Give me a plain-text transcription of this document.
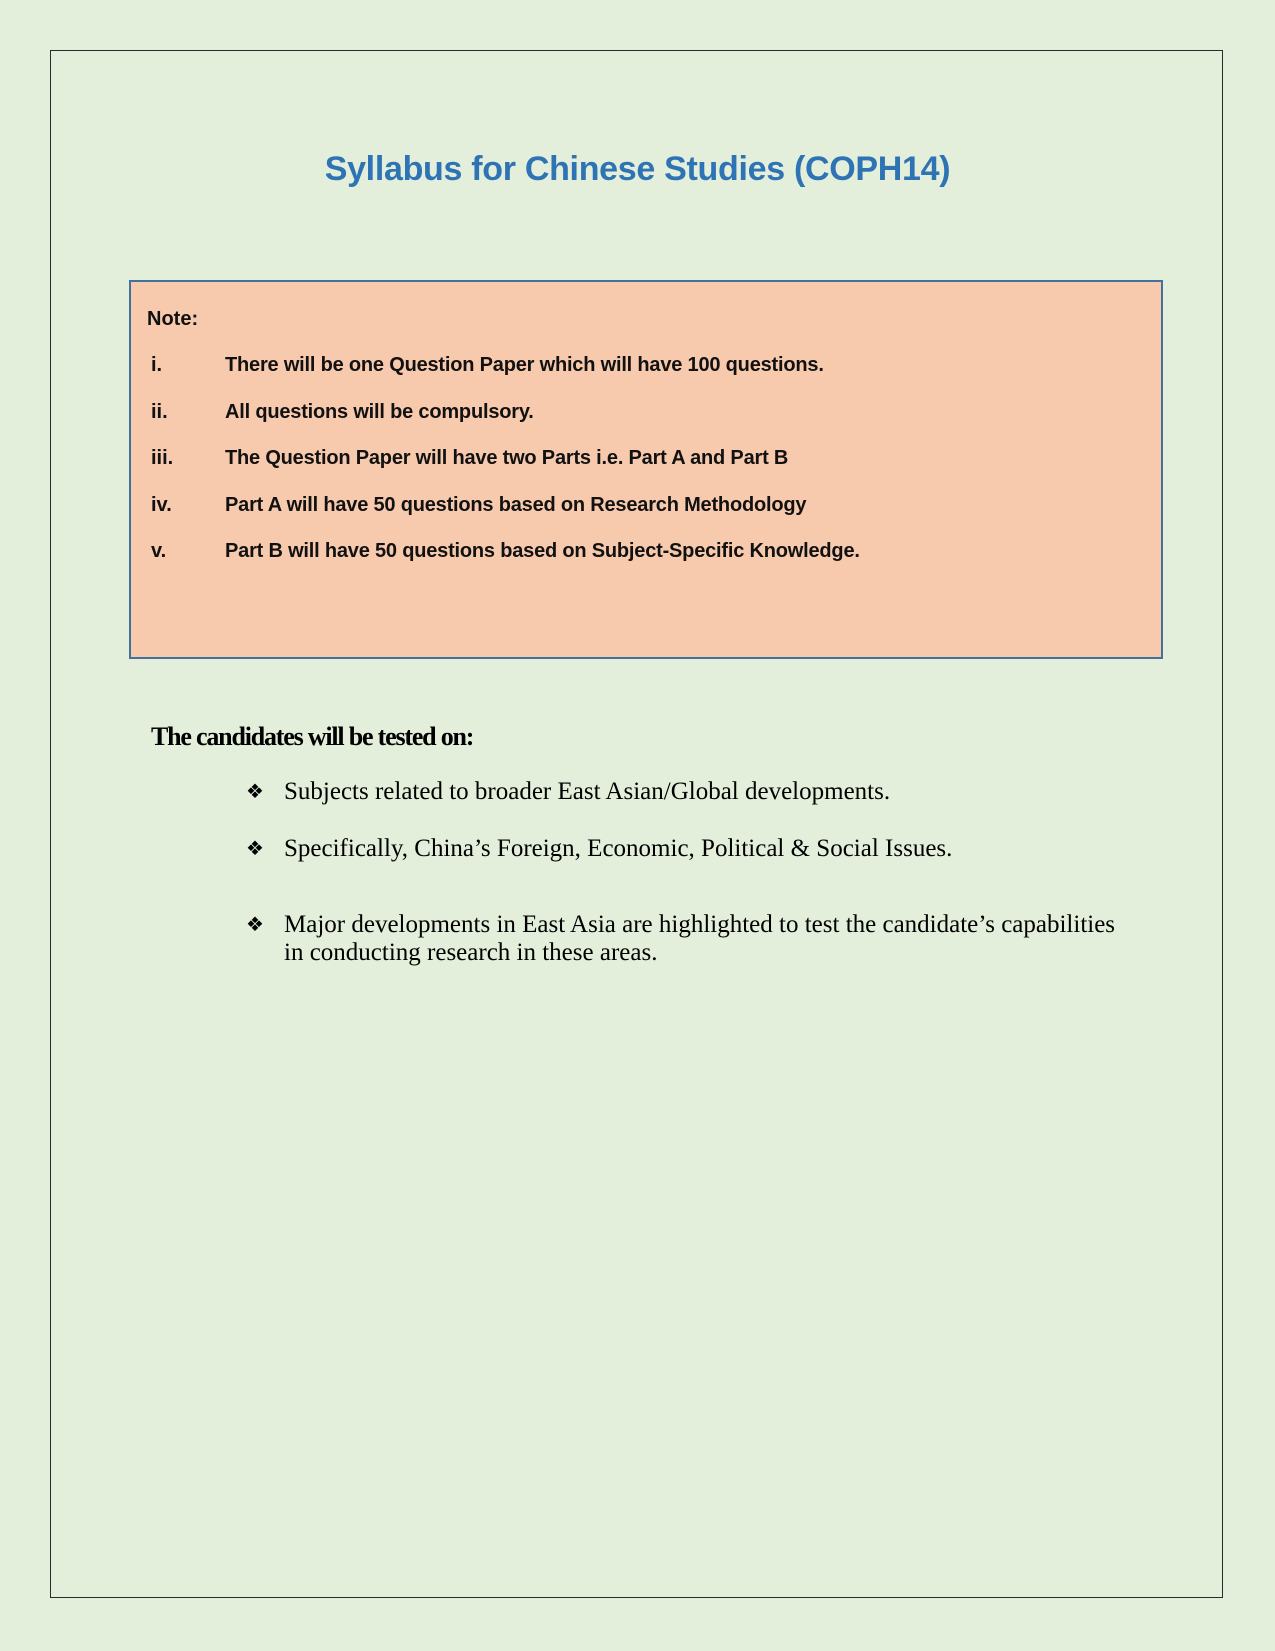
Syllabus for Chinese Studies (COPH14)
Note:
i.	There will be one Question Paper which will have 100 questions.
ii.	All questions will be compulsory.
iii.	The Question Paper will have two Parts i.e. Part A and Part B
iv.	Part A will have 50 questions based on Research Methodology
v.	Part B will have 50 questions based on Subject-Specific Knowledge.
The candidates will be tested on:
❖ Subjects related to broader East Asian/Global developments.
❖ Specifically, China’s Foreign, Economic, Political & Social Issues.
❖ Major developments in East Asia are highlighted to test the candidate’s capabilities in conducting research in these areas.
